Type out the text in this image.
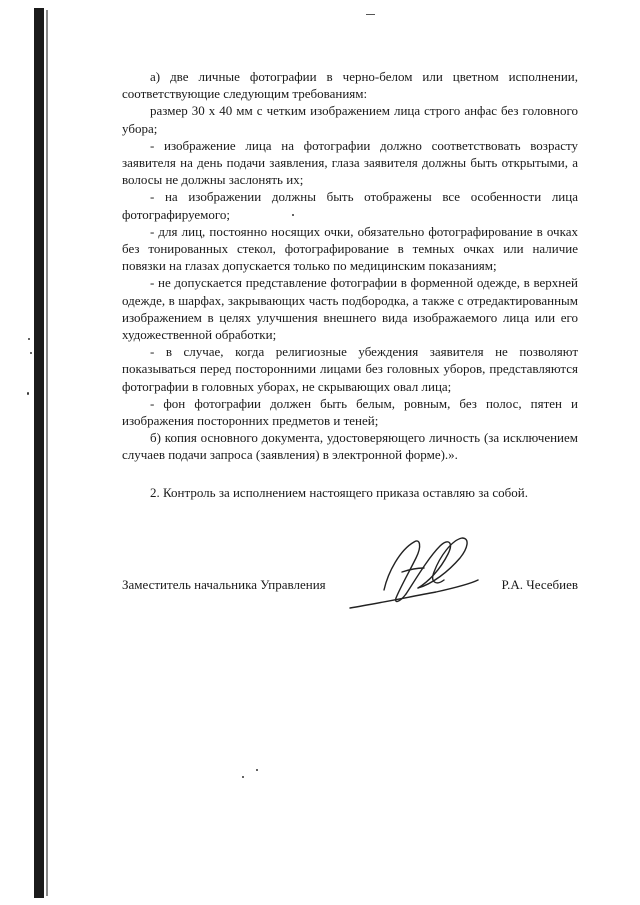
а) две личные фотографии в черно-белом или цветном исполнении, соответствующие следующим требованиям:

размер 30 х 40 мм с четким изображением лица строго анфас без головного убора;

- изображение лица на фотографии должно соответствовать возрасту заявителя на день подачи заявления, глаза заявителя должны быть открытыми, а волосы не должны заслонять их;

- на изображении должны быть отображены все особенности лица фотографируемого;

- для лиц, постоянно носящих очки, обязательно фотографирование в очках без тонированных стекол, фотографирование в темных очках или наличие повязки на глазах допускается только по медицинским показаниям;

- не допускается представление фотографии в форменной одежде, в верхней одежде, в шарфах, закрывающих часть подбородка, а также с отредактированным изображением в целях улучшения внешнего вида изображаемого лица или его художественной обработки;

- в случае, когда религиозные убеждения заявителя не позволяют показываться перед посторонними лицами без головных уборов, представляются фотографии в головных уборах, не скрывающих овал лица;

- фон фотографии должен быть белым, ровным, без полос, пятен и изображения посторонних предметов и теней;

б) копия основного документа, удостоверяющего личность (за исключением случаев подачи запроса (заявления) в электронной форме).».

2. Контроль за исполнением настоящего приказа оставляю за собой.

Заместитель начальника Управления	Р.А. Чесебиев
